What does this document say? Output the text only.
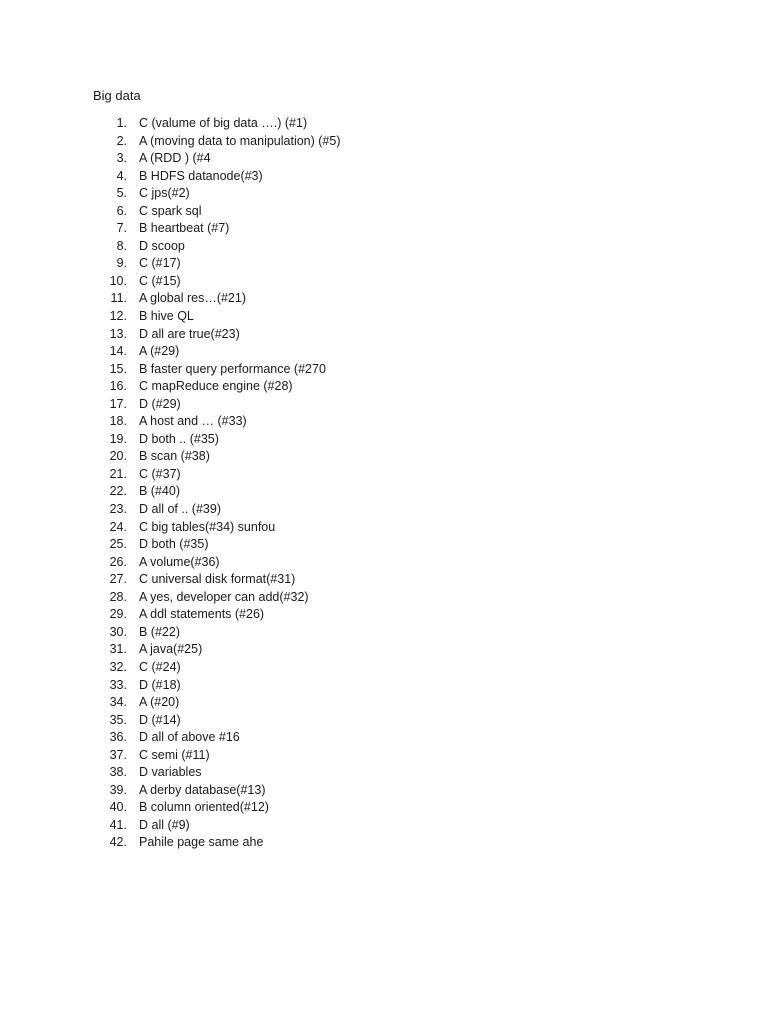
Big data
1. C (valume of big data ….) (#1)
2. A (moving data to manipulation) (#5)
3. A (RDD ) (#4
4. B HDFS datanode(#3)
5. C jps(#2)
6. C spark sql
7. B heartbeat (#7)
8. D scoop
9. C (#17)
10. C (#15)
11. A global res…(#21)
12. B hive QL
13. D all are true(#23)
14. A (#29)
15. B faster query performance (#270
16. C mapReduce engine (#28)
17. D (#29)
18. A host and … (#33)
19. D both .. (#35)
20. B scan (#38)
21. C (#37)
22. B (#40)
23. D all of .. (#39)
24. C big tables(#34) sunfou
25. D both (#35)
26. A volume(#36)
27. C universal disk format(#31)
28. A yes, developer can add(#32)
29. A ddl statements (#26)
30. B (#22)
31. A java(#25)
32. C (#24)
33. D (#18)
34. A (#20)
35. D (#14)
36. D all of above #16
37. C semi (#11)
38. D variables
39. A derby database(#13)
40. B column oriented(#12)
41. D all (#9)
42. Pahile page same ahe
